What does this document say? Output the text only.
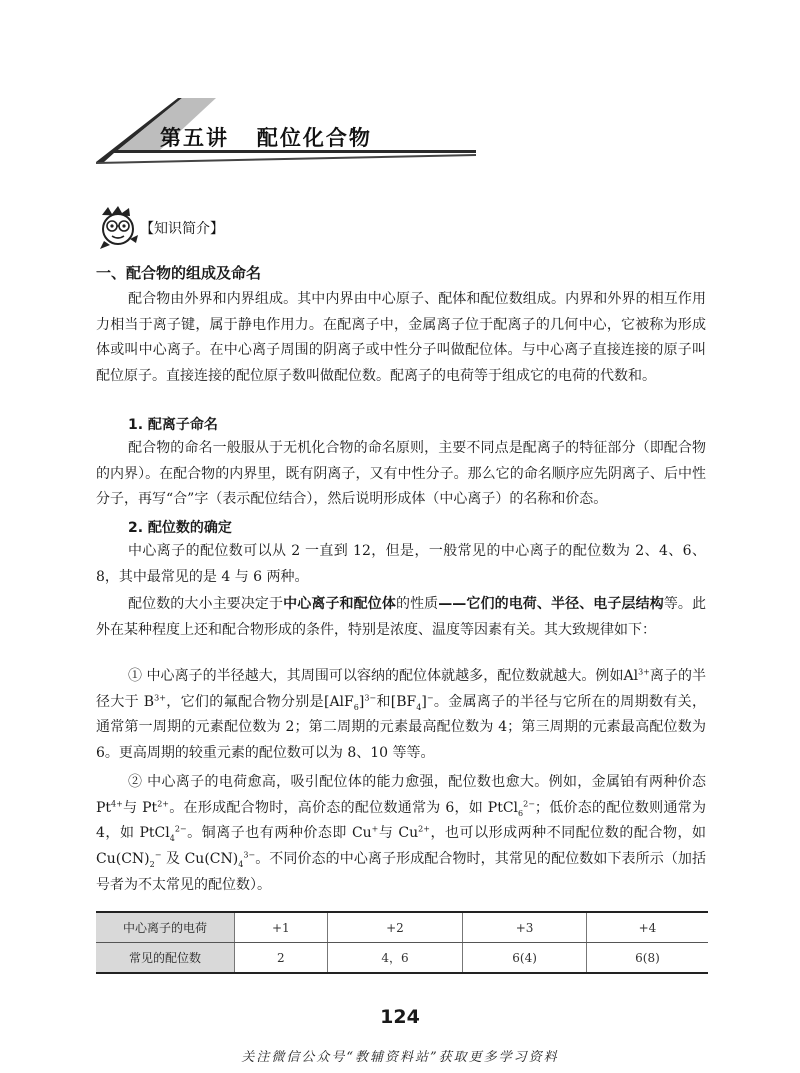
第五讲   配位化合物
【知识简介】
一、配合物的组成及命名
配合物由外界和内界组成。其中内界由中心原子、配体和配位数组成。内界和外界的相互作用力相当于离子键，属于静电作用力。在配离子中，金属离子位于配离子的几何中心，它被称为形成体或叫中心离子。在中心离子周围的阴离子或中性分子叫做配位体。与中心离子直接连接的原子叫配位原子。直接连接的配位原子数叫做配位数。配离子的电荷等于组成它的电荷的代数和。
1. 配离子命名
配合物的命名一般服从于无机化合物的命名原则，主要不同点是配离子的特征部分（即配合物的内界）。在配合物的内界里，既有阴离子，又有中性分子。那么它的命名顺序应先阴离子、后中性分子，再写“合”字（表示配位结合），然后说明形成体（中心离子）的名称和价态。
2. 配位数的确定
中心离子的配位数可以从 2 一直到 12，但是，一般常见的中心离子的配位数为 2、4、6、8，其中最常见的是 4 与 6 两种。
配位数的大小主要决定于中心离子和配位体的性质——它们的电荷、半径、电子层结构等。此外在某种程度上还和配合物形成的条件，特别是浓度、温度等因素有关。其大致规律如下：
① 中心离子的半径越大，其周围可以容纳的配位体就越多，配位数就越大。例如$Al^{3+}$离子的半径大于 $B^{3+}$，它们的氟配合物分别是$[AlF_6]^{3-}$和$[BF_4]^-$。金属离子的半径与它所在的周期数有关，通常第一周期的元素配位数为 2；第二周期的元素最高配位数为 4；第三周期的元素最高配位数为 6。更高周期的较重元素的配位数可以为 8、10 等等。
② 中心离子的电荷愈高，吸引配位体的能力愈强，配位数也愈大。例如，金属铂有两种价态 $Pt^{4+}$与 $Pt^{2+}$。在形成配合物时，高价态的配位数通常为 6，如 PtCl$_6^{2-}$；低价态的配位数则通常为 4，如 PtCl$_4^{2-}$。铜离子也有两种价态即 Cu+与 $Cu^{2+}$，也可以形成两种不同配位数的配合物，如 $Cu(CN)_2^-$ 及 $Cu(CN)_4^{3-}$。不同价态的中心离子形成配合物时，其常见的配位数如下表所示（加括号者为不太常见的配位数）。
中心离子的电荷	+1	+2	+3	+4
常见的配位数	2	4，6	6(4)	6(8)
124
关注微信公众号“教辅资料站”获取更多学习资料
